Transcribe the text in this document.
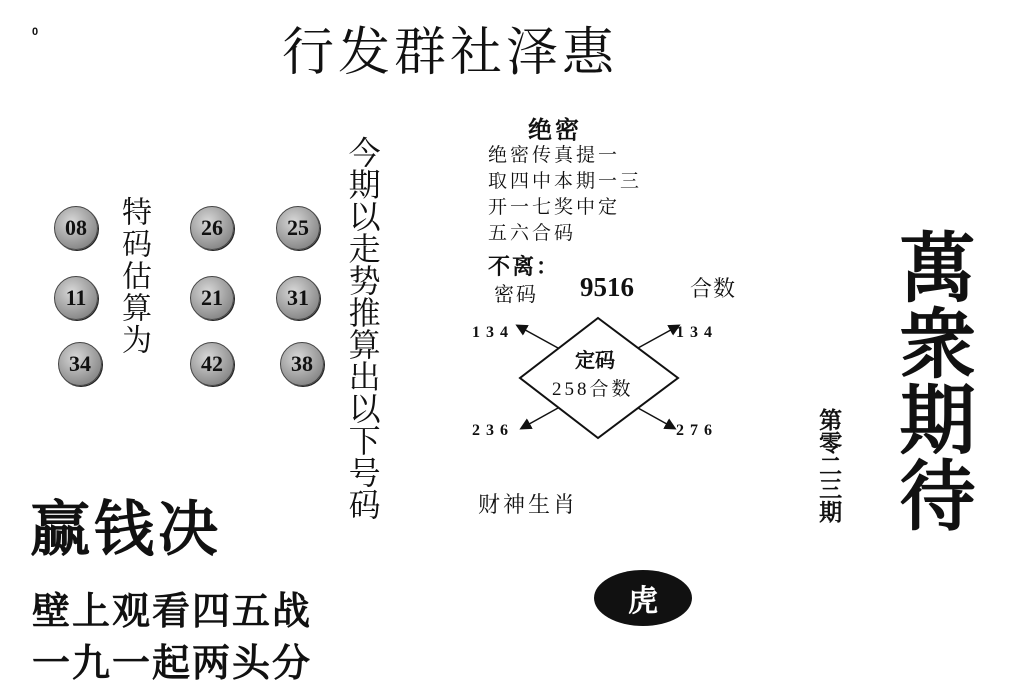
0	行发群社泽惠
08	26	25
11	21	31
34	42	38
特码估算为	今期以走势推算出以下号码
绝密
绝密传真提一
取四中本期一三
开一七奖中定
五六合码
不离：
密码 9516	合数
134	134
236	276
定码
258合数
财神生肖
虎
赢钱决
壁上观看四五战
一九一起两头分
第零二三期 萬衆期待
